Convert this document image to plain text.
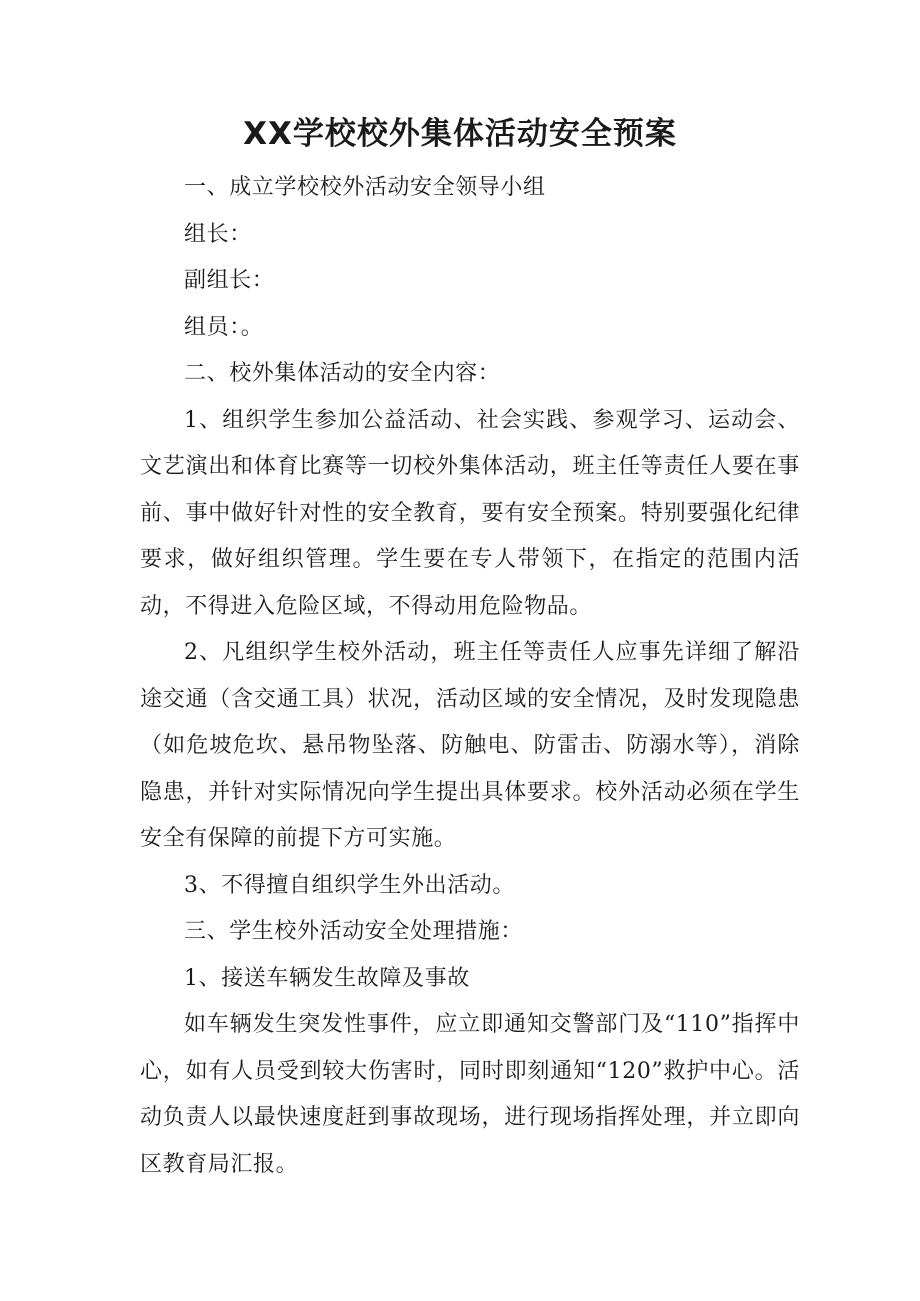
XX学校校外集体活动安全预案

一、成立学校校外活动安全领导小组

组长：

副组长：

组员：。

二、校外集体活动的安全内容：

1、组织学生参加公益活动、社会实践、参观学习、运动会、文艺演出和体育比赛等一切校外集体活动，班主任等责任人要在事前、事中做好针对性的安全教育，要有安全预案。特别要强化纪律要求，做好组织管理。学生要在专人带领下，在指定的范围内活动，不得进入危险区域，不得动用危险物品。

2、凡组织学生校外活动，班主任等责任人应事先详细了解沿途交通（含交通工具）状况，活动区域的安全情况，及时发现隐患（如危坡危坎、悬吊物坠落、防触电、防雷击、防溺水等），消除隐患，并针对实际情况向学生提出具体要求。校外活动必须在学生安全有保障的前提下方可实施。

3、不得擅自组织学生外出活动。

三、学生校外活动安全处理措施：

1、接送车辆发生故障及事故

如车辆发生突发性事件，应立即通知交警部门及“110”指挥中心，如有人员受到较大伤害时，同时即刻通知“120”救护中心。活动负责人以最快速度赶到事故现场，进行现场指挥处理，并立即向区教育局汇报。
